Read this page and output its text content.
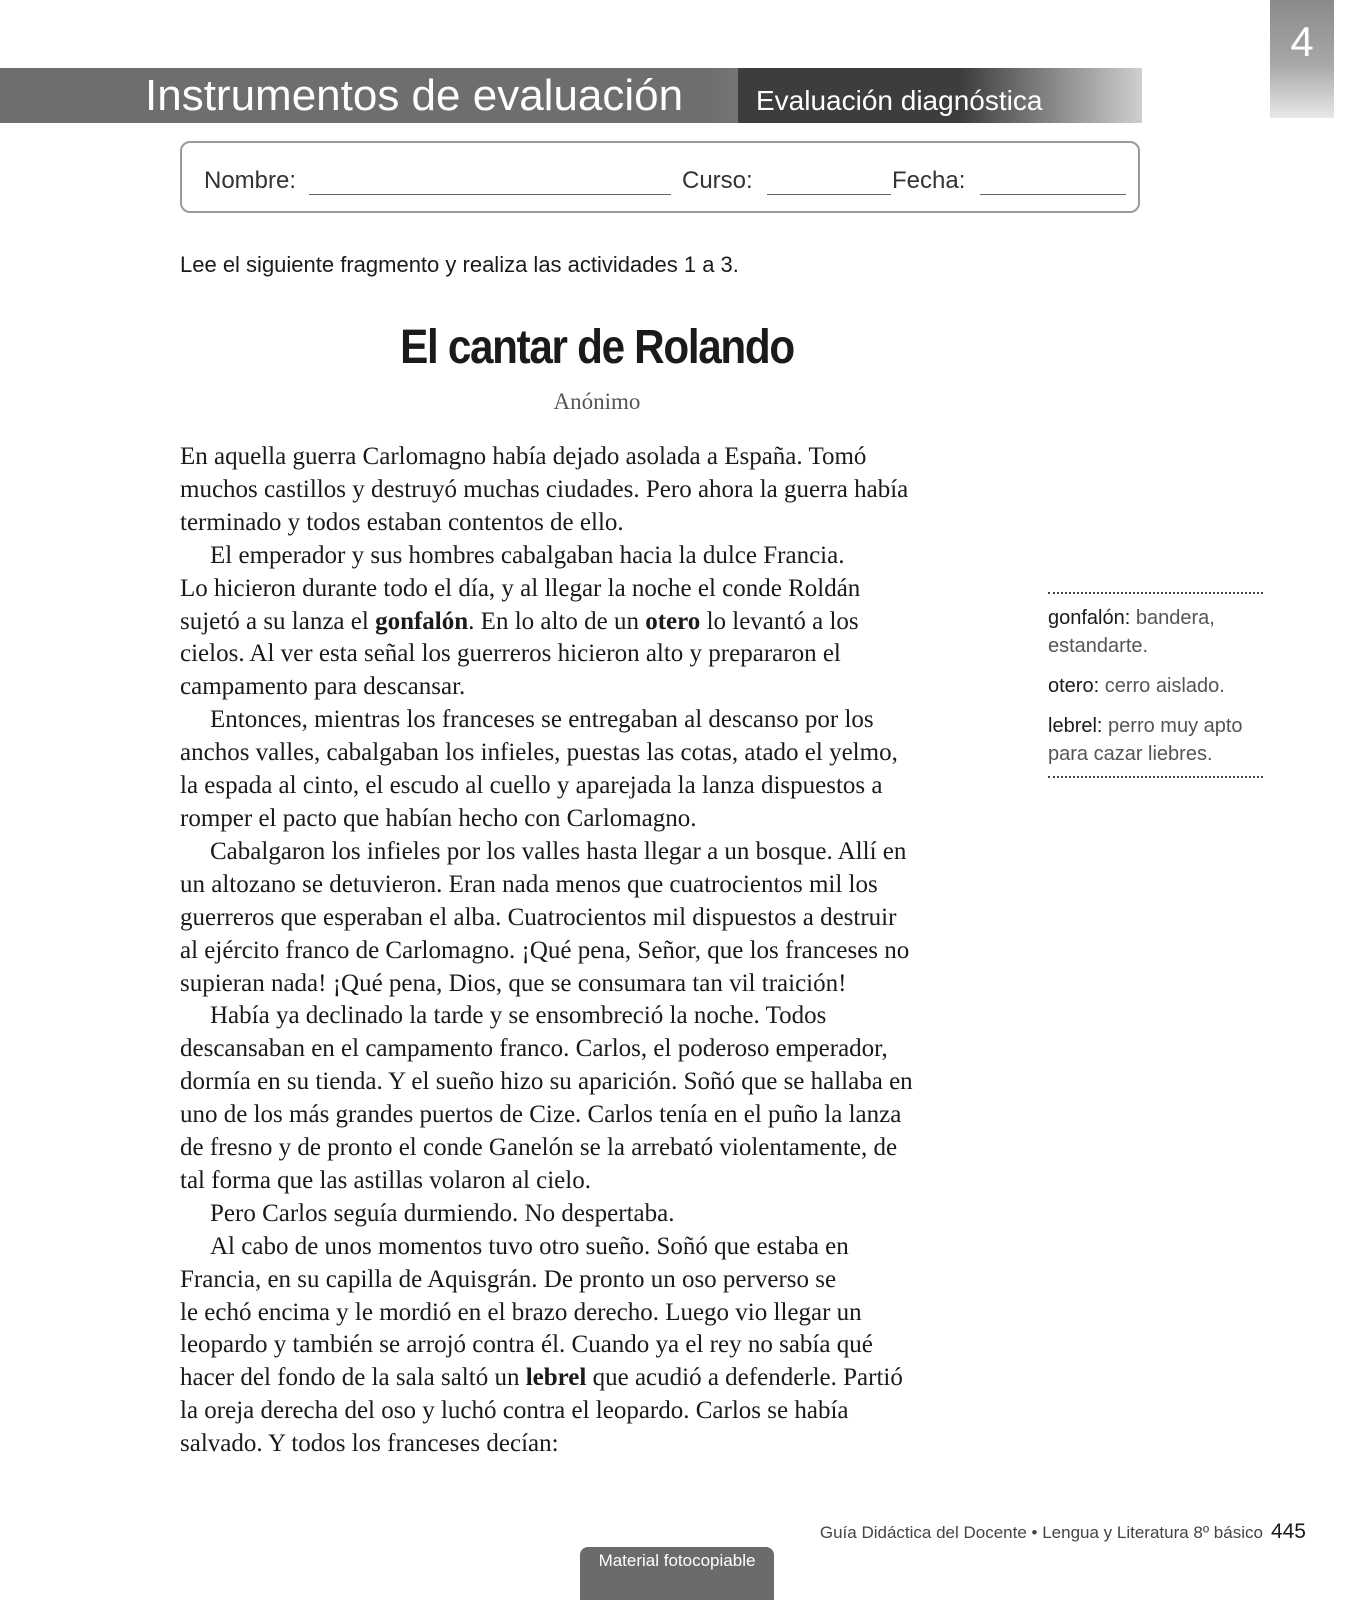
4
Instrumentos de evaluación	Evaluación diagnóstica
Nombre:	Curso:	Fecha:
Lee el siguiente fragmento y realiza las actividades 1 a 3.
El cantar de Rolando
Anónimo
En aquella guerra Carlomagno había dejado asolada a España. Tomó
muchos castillos y destruyó muchas ciudades. Pero ahora la guerra había
terminado y todos estaban contentos de ello.
El emperador y sus hombres cabalgaban hacia la dulce Francia.
Lo hicieron durante todo el día, y al llegar la noche el conde Roldán
sujetó a su lanza el gonfalón. En lo alto de un otero lo levantó a los
cielos. Al ver esta señal los guerreros hicieron alto y prepararon el
campamento para descansar.
Entonces, mientras los franceses se entregaban al descanso por los
anchos valles, cabalgaban los infieles, puestas las cotas, atado el yelmo,
la espada al cinto, el escudo al cuello y aparejada la lanza dispuestos a
romper el pacto que habían hecho con Carlomagno.
Cabalgaron los infieles por los valles hasta llegar a un bosque. Allí en
un altozano se detuvieron. Eran nada menos que cuatrocientos mil los
guerreros que esperaban el alba. Cuatrocientos mil dispuestos a destruir
al ejército franco de Carlomagno. ¡Qué pena, Señor, que los franceses no
supieran nada! ¡Qué pena, Dios, que se consumara tan vil traición!
Había ya declinado la tarde y se ensombreció la noche. Todos
descansaban en el campamento franco. Carlos, el poderoso emperador,
dormía en su tienda. Y el sueño hizo su aparición. Soñó que se hallaba en
uno de los más grandes puertos de Cize. Carlos tenía en el puño la lanza
de fresno y de pronto el conde Ganelón se la arrebató violentamente, de
tal forma que las astillas volaron al cielo.
Pero Carlos seguía durmiendo. No despertaba.
Al cabo de unos momentos tuvo otro sueño. Soñó que estaba en
Francia, en su capilla de Aquisgrán. De pronto un oso perverso se
le echó encima y le mordió en el brazo derecho. Luego vio llegar un
leopardo y también se arrojó contra él. Cuando ya el rey no sabía qué
hacer del fondo de la sala saltó un lebrel que acudió a defenderle. Partió
la oreja derecha del oso y luchó contra el leopardo. Carlos se había
salvado. Y todos los franceses decían:
gonfalón: bandera,
estandarte.
otero: cerro aislado.
lebrel: perro muy apto
para cazar liebres.
Guía Didáctica del Docente • Lengua y Literatura 8º básico 445
Material fotocopiable
